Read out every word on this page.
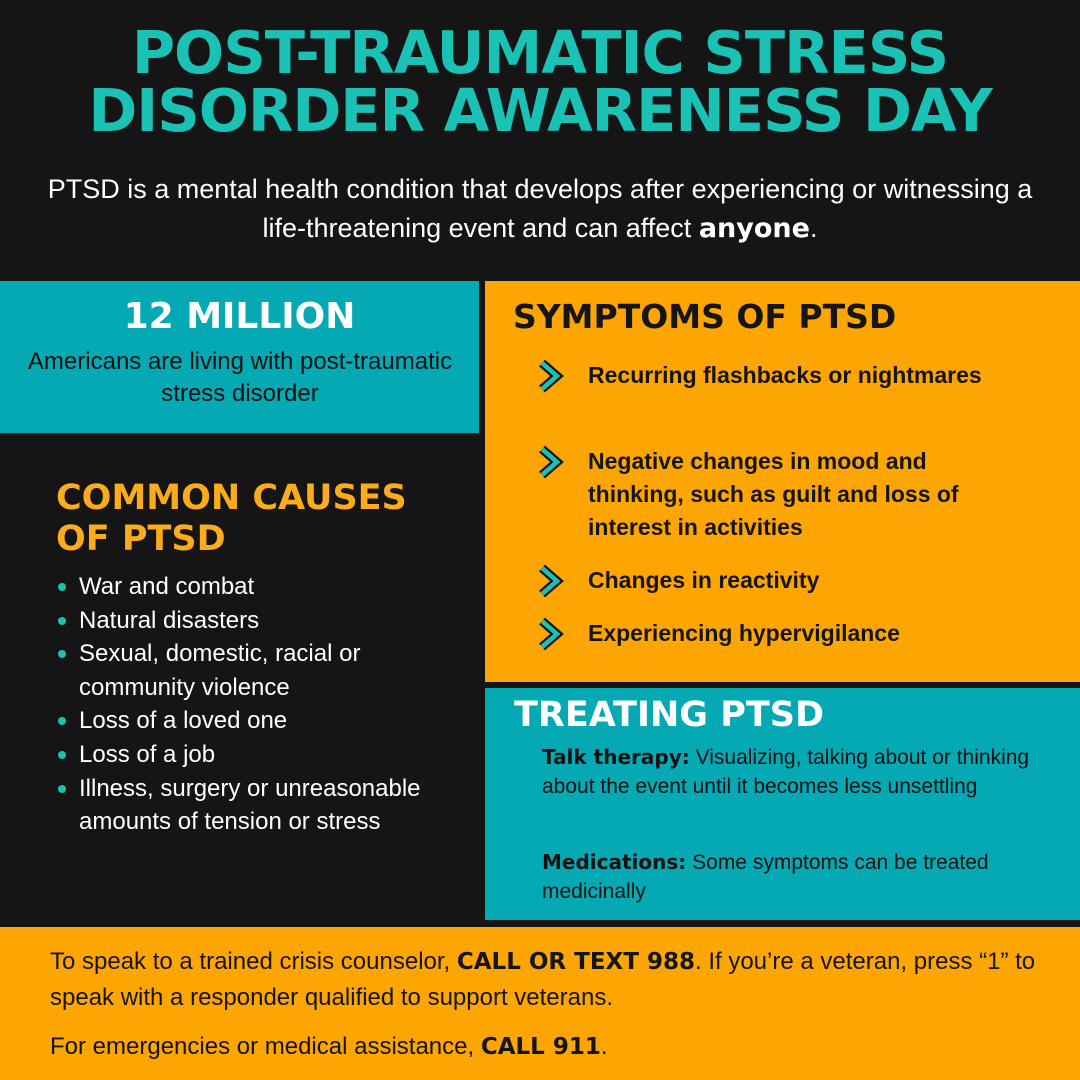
POST-TRAUMATIC STRESS
DISORDER AWARENESS DAY

PTSD is a mental health condition that develops after experiencing or witnessing a life-threatening event and can affect anyone.

12 MILLION

Americans are living with post-traumatic stress disorder

COMMON CAUSES
OF PTSD
War and combat
Natural disasters
Sexual, domestic, racial or community violence
Loss of a loved one
Loss of a job
Illness, surgery or unreasonable amounts of tension or stress
SYMPTOMS OF PTSD
Recurring flashbacks or nightmares
Negative changes in mood and thinking, such as guilt and loss of interest in activities
Changes in reactivity
Experiencing hypervigilance
TREATING PTSD

Talk therapy: Visualizing, talking about or thinking about the event until it becomes less unsettling

Medications: Some symptoms can be treated medicinally

To speak to a trained crisis counselor, CALL OR TEXT 988. If you’re a veteran, press “1” to speak with a responder qualified to support veterans.

For emergencies or medical assistance, CALL 911.
